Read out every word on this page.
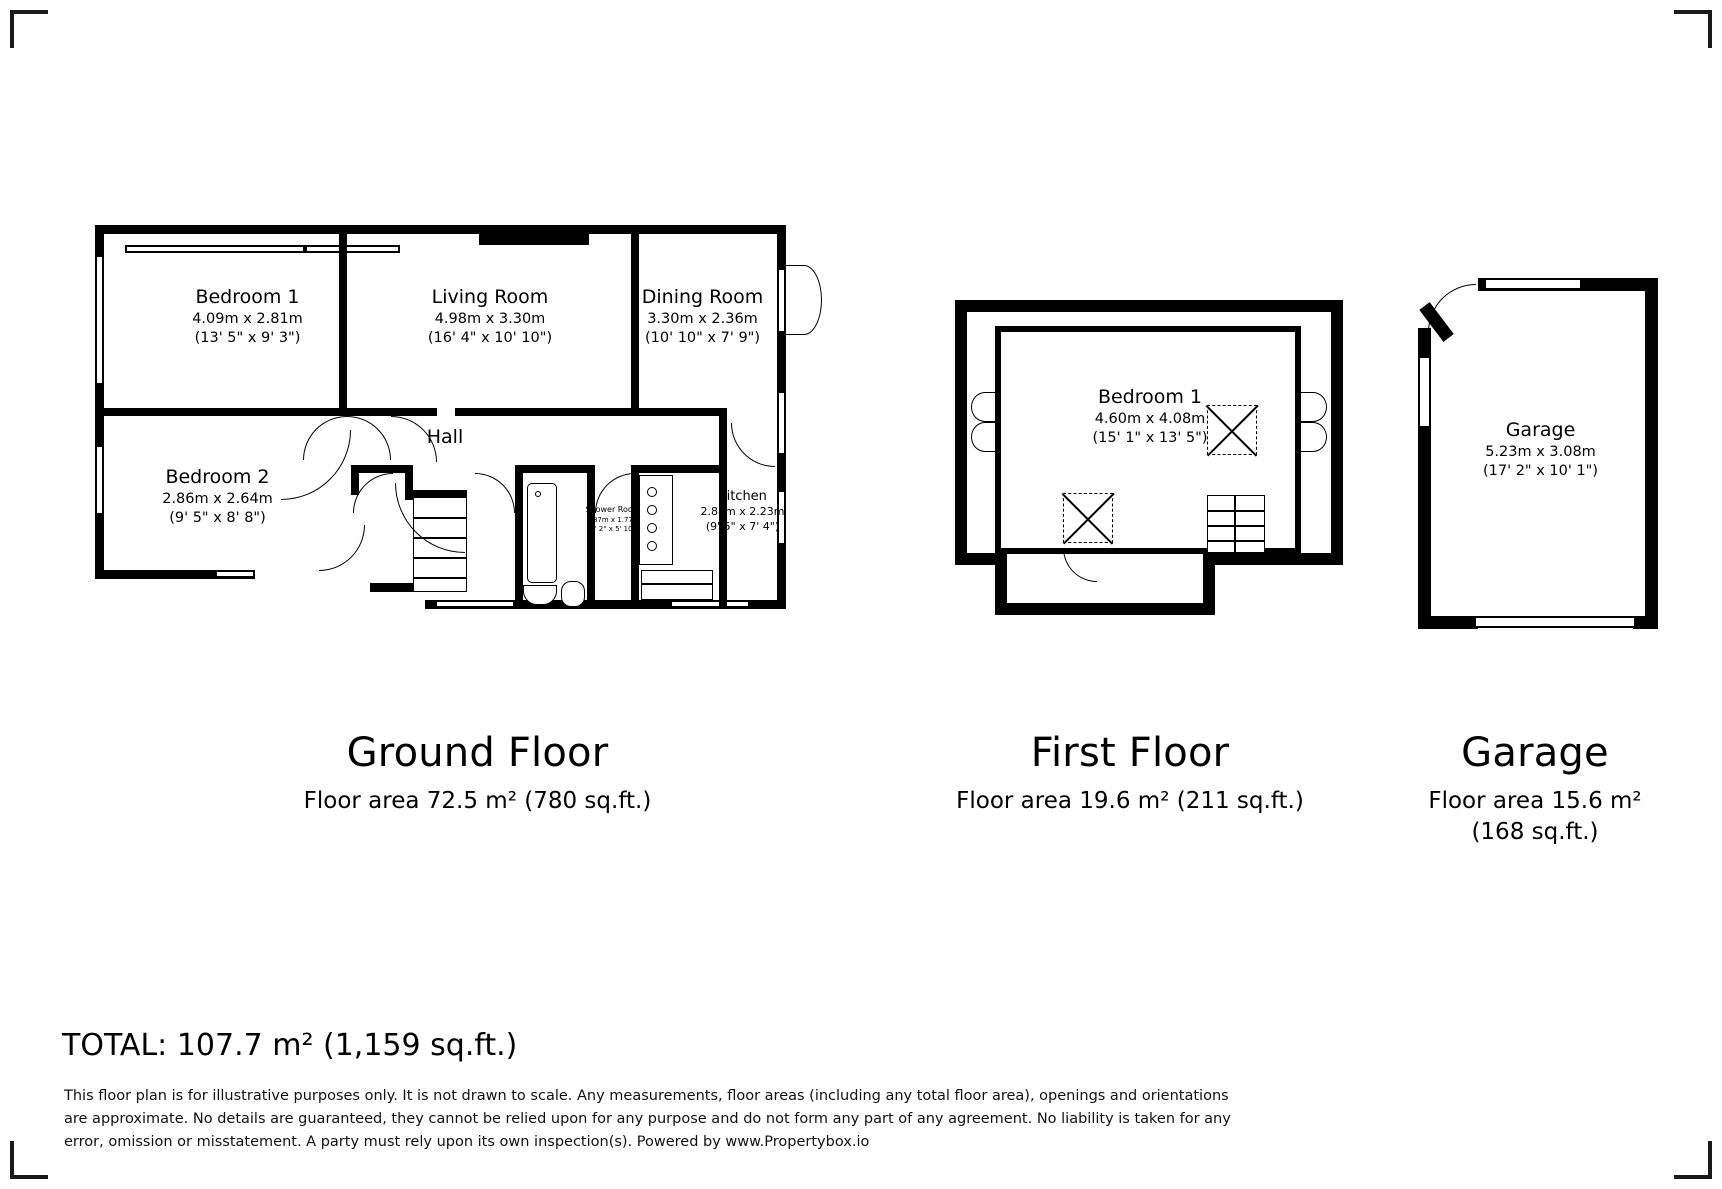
Bedroom 1
4.09m x 2.81m
(13' 5" x 9' 3")
Living Room
4.98m x 3.30m
(16' 4" x 10' 10")
Dining Room
3.30m x 2.36m
(10' 10" x 7' 9")
Bedroom 2
2.86m x 2.64m
(9' 5" x 8' 8")
Hall
Shower Room
1.87m x 1.77m
(6' 2" x 5' 10")
Kitchen
2.88m x 2.23m
(9' 5" x 7' 4")
Bedroom 1
4.60m x 4.08m
(15' 1" x 13' 5")	Garage
5.23m x 3.08m
(17' 2" x 10' 1")
Ground Floor
Floor area 72.5 m² (780 sq.ft.)
First Floor
Floor area 19.6 m² (211 sq.ft.)
Garage
Floor area 15.6 m² (168 sq.ft.)
TOTAL: 107.7 m² (1,159 sq.ft.)
This floor plan is for illustrative purposes only. It is not drawn to scale. Any measurements, floor areas (including any total floor area), openings and orientations are approximate. No details are guaranteed, they cannot be relied upon for any purpose and do not form any part of any agreement. No liability is taken for any error, omission or misstatement. A party must rely upon its own inspection(s). Powered by www.Propertybox.io
